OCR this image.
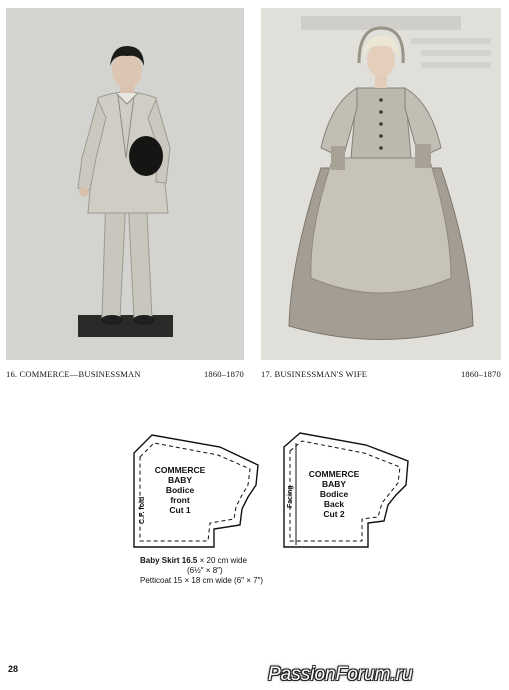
16. COMMERCE—BUSINESSMAN	1860–1870 17. BUSINESSMAN'S WIFE	1860–1870
COMMERCE
BABY
Bodice
front
Cut 1
C.F. fold
COMMERCE
BABY
Bodice
Back
Cut 2
Facing
Baby Skirt 16.5 × 20 cm wide
(6½″ × 8″)
Petticoat 15 × 18 cm wide (6″ × 7″)
28	PassionForum.ru
